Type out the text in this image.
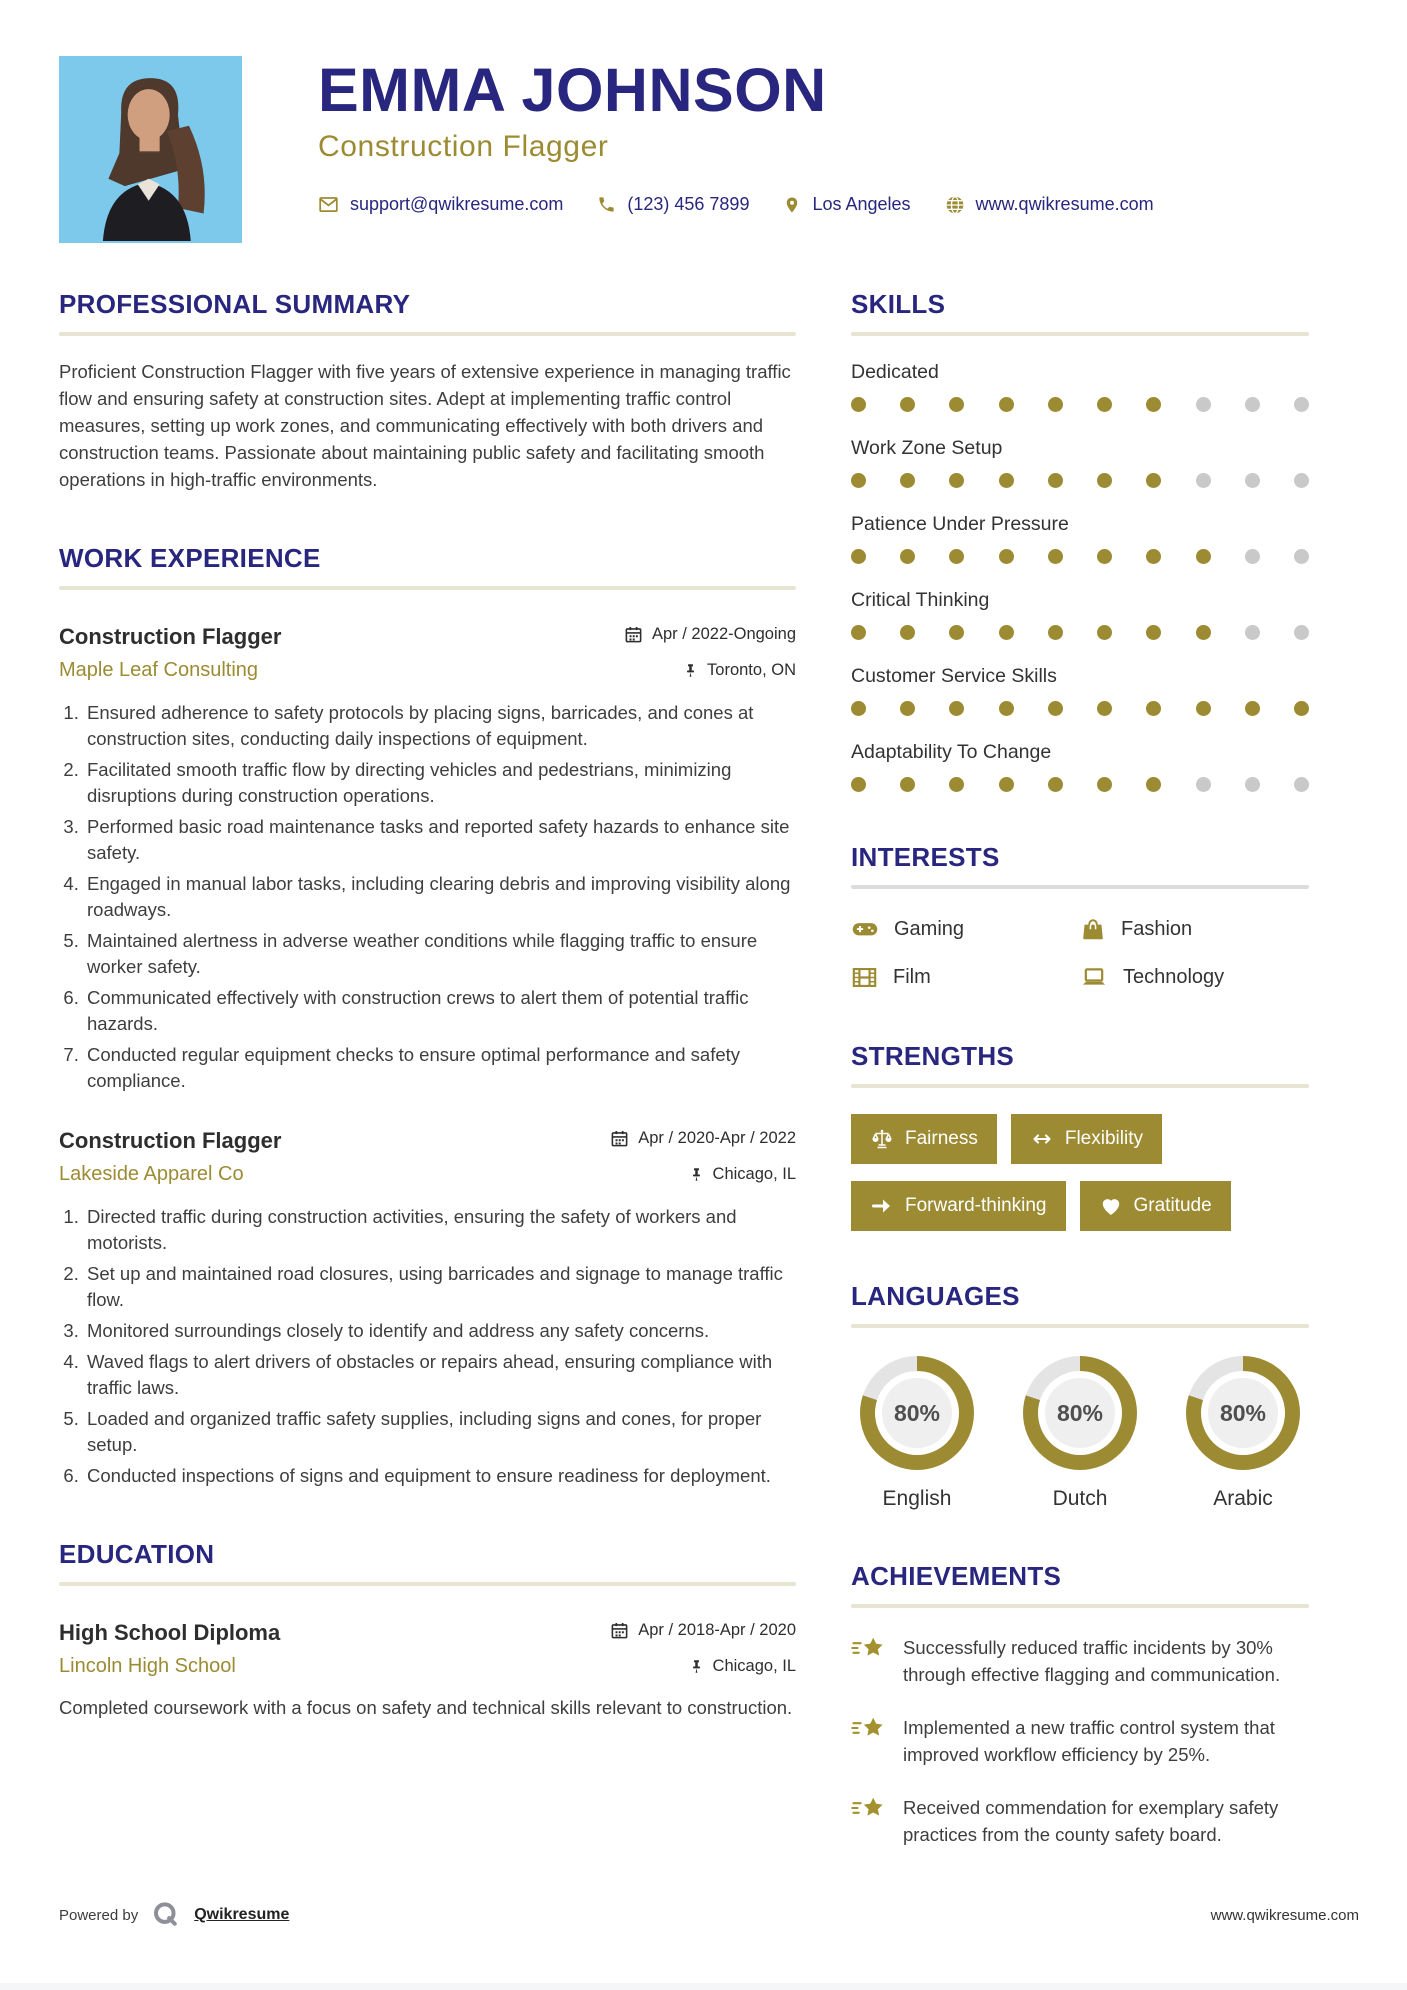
EMMA JOHNSON
Construction Flagger
support@qwikresume.com	(123) 456 7899	Los Angeles	www.qwikresume.com
PROFESSIONAL SUMMARY

Proficient Construction Flagger with five years of extensive experience in managing traffic flow and ensuring safety at construction sites. Adept at implementing traffic control measures, setting up work zones, and communicating effectively with both drivers and construction teams. Passionate about maintaining public safety and facilitating smooth operations in high-traffic environments.

WORK EXPERIENCE
Construction Flagger	Apr / 2022-Ongoing
Maple Leaf Consulting	Toronto, ON
1. Ensured adherence to safety protocols by placing signs, barricades, and cones at construction sites, conducting daily inspections of equipment.
2. Facilitated smooth traffic flow by directing vehicles and pedestrians, minimizing disruptions during construction operations.
3. Performed basic road maintenance tasks and reported safety hazards to enhance site safety.
4. Engaged in manual labor tasks, including clearing debris and improving visibility along roadways.
5. Maintained alertness in adverse weather conditions while flagging traffic to ensure worker safety.
6. Communicated effectively with construction crews to alert them of potential traffic hazards.
7. Conducted regular equipment checks to ensure optimal performance and safety compliance.
Construction Flagger	Apr / 2020-Apr / 2022
Lakeside Apparel Co	Chicago, IL
1. Directed traffic during construction activities, ensuring the safety of workers and motorists.
2. Set up and maintained road closures, using barricades and signage to manage traffic flow.
3. Monitored surroundings closely to identify and address any safety concerns.
4. Waved flags to alert drivers of obstacles or repairs ahead, ensuring compliance with traffic laws.
5. Loaded and organized traffic safety supplies, including signs and cones, for proper setup.
6. Conducted inspections of signs and equipment to ensure readiness for deployment.
EDUCATION
High School Diploma	Apr / 2018-Apr / 2020
Lincoln High School	Chicago, IL

Completed coursework with a focus on safety and technical skills relevant to construction.

SKILLS
Dedicated
Work Zone Setup
Patience Under Pressure
Critical Thinking
Customer Service Skills
Adaptability To Change
INTERESTS
Gaming	Fashion
Film	Technology
STRENGTHS
Fairness	Flexibility
Forward-thinking	Gratitude
LANGUAGES
80%
English
80%
Dutch
80%
Arabic
ACHIEVEMENTS
Successfully reduced traffic incidents by 30% through effective flagging and communication.
Implemented a new traffic control system that improved workflow efficiency by 25%.
Received commendation for exemplary safety practices from the county safety board.
Powered by	Qwikresume	www.qwikresume.com
